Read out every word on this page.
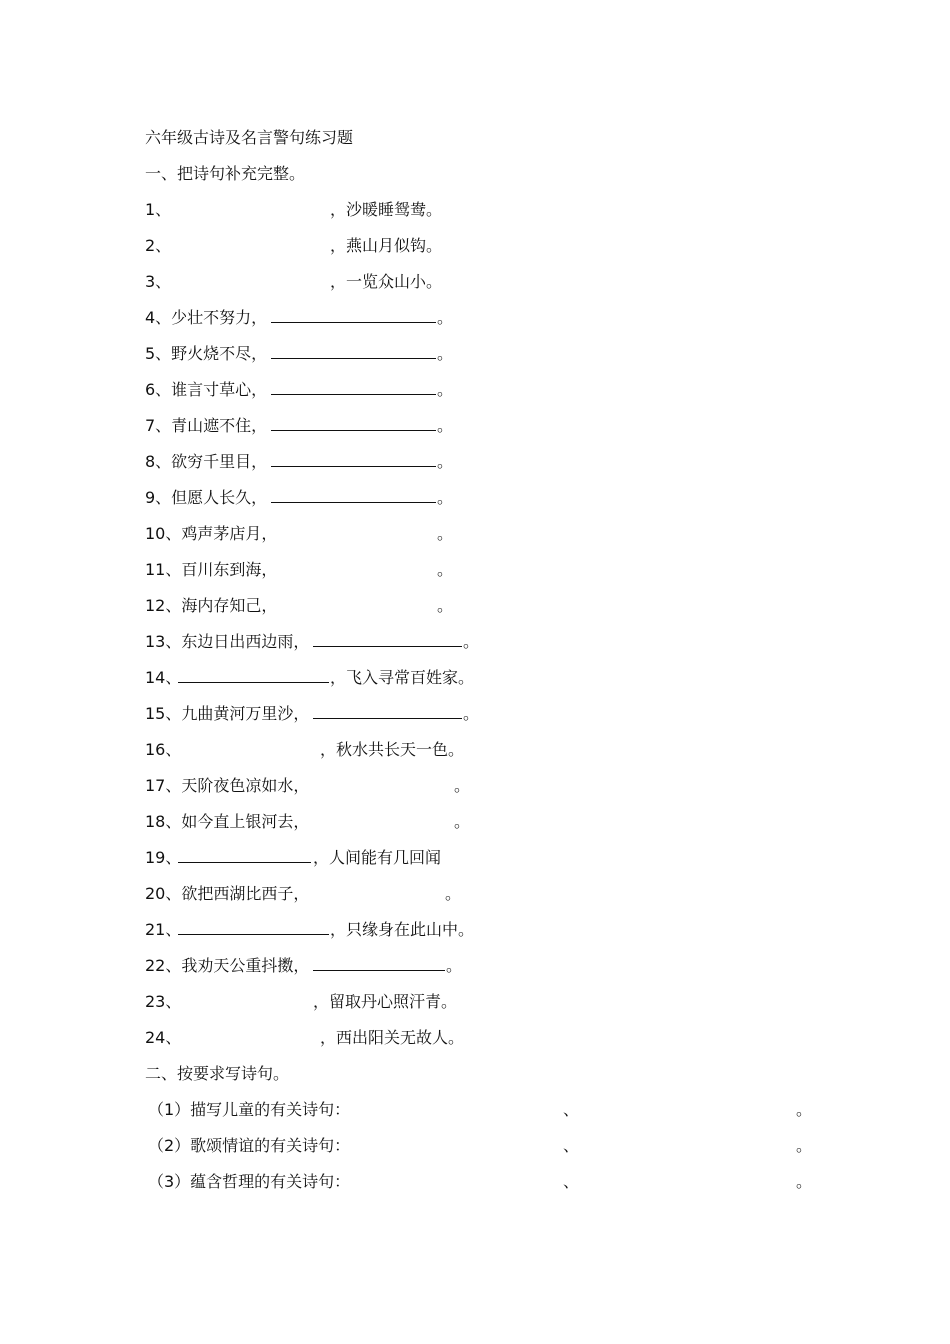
六年级古诗及名言警句练习题
一、把诗句补充完整。
1、	，沙暖睡鸳鸯。
2、	，燕山月似钩。
3、	，一览众山小。
4、少壮不努力，	。
5、野火烧不尽，	。
6、谁言寸草心，	。
7、青山遮不住，	。
8、欲穷千里目，	。
9、但愿人长久，	。
10、鸡声茅店月，	。
11、百川东到海，	。
12、海内存知己，	。
13、东边日出西边雨，	。
14、	，飞入寻常百姓家。
15、九曲黄河万里沙，	。
16、	，秋水共长天一色。
17、天阶夜色凉如水，	。
18、如今直上银河去，	。
19、	，人间能有几回闻
20、欲把西湖比西子，	。
21、	，只缘身在此山中。
22、我劝天公重抖擞，	。
23、	，留取丹心照汗青。
24、	，西出阳关无故人。
二、按要求写诗句。
（1）描写儿童的有关诗句：	、	。
（2）歌颂情谊的有关诗句：	、	。
（3）蕴含哲理的有关诗句：	、	。
